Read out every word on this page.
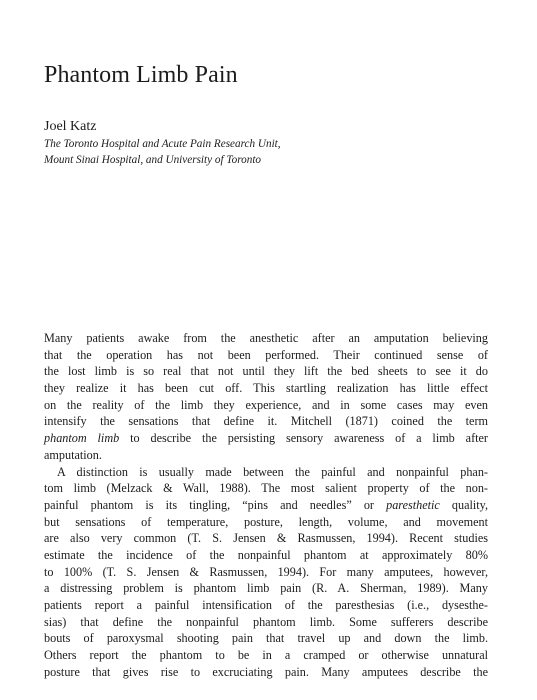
Phantom Limb Pain

Joel Katz

The Toronto Hospital and Acute Pain Research Unit,
Mount Sinai Hospital, and University of Toronto
Many patients awake from the anesthetic after an amputation believing
that the operation has not been performed. Their continued sense of
the lost limb is so real that not until they lift the bed sheets to see it do
they realize it has been cut off. This startling realization has little effect
on the reality of the limb they experience, and in some cases may even
intensify the sensations that define it. Mitchell (1871) coined the term
phantom limb to describe the persisting sensory awareness of a limb after
amputation.
A distinction is usually made between the painful and nonpainful phan-
tom limb (Melzack & Wall, 1988). The most salient property of the non-
painful phantom is its tingling, “pins and needles” or paresthetic quality,
but sensations of temperature, posture, length, volume, and movement
are also very common (T. S. Jensen & Rasmussen, 1994). Recent studies
estimate the incidence of the nonpainful phantom at approximately 80%
to 100% (T. S. Jensen & Rasmussen, 1994). For many amputees, however,
a distressing problem is phantom limb pain (R. A. Sherman, 1989). Many
patients report a painful intensification of the paresthesias (i.e., dysesthe-
sias) that define the nonpainful phantom limb. Some sufferers describe
bouts of paroxysmal shooting pain that travel up and down the limb.
Others report the phantom to be in a cramped or otherwise unnatural
posture that gives rise to excruciating pain. Many amputees describe the
